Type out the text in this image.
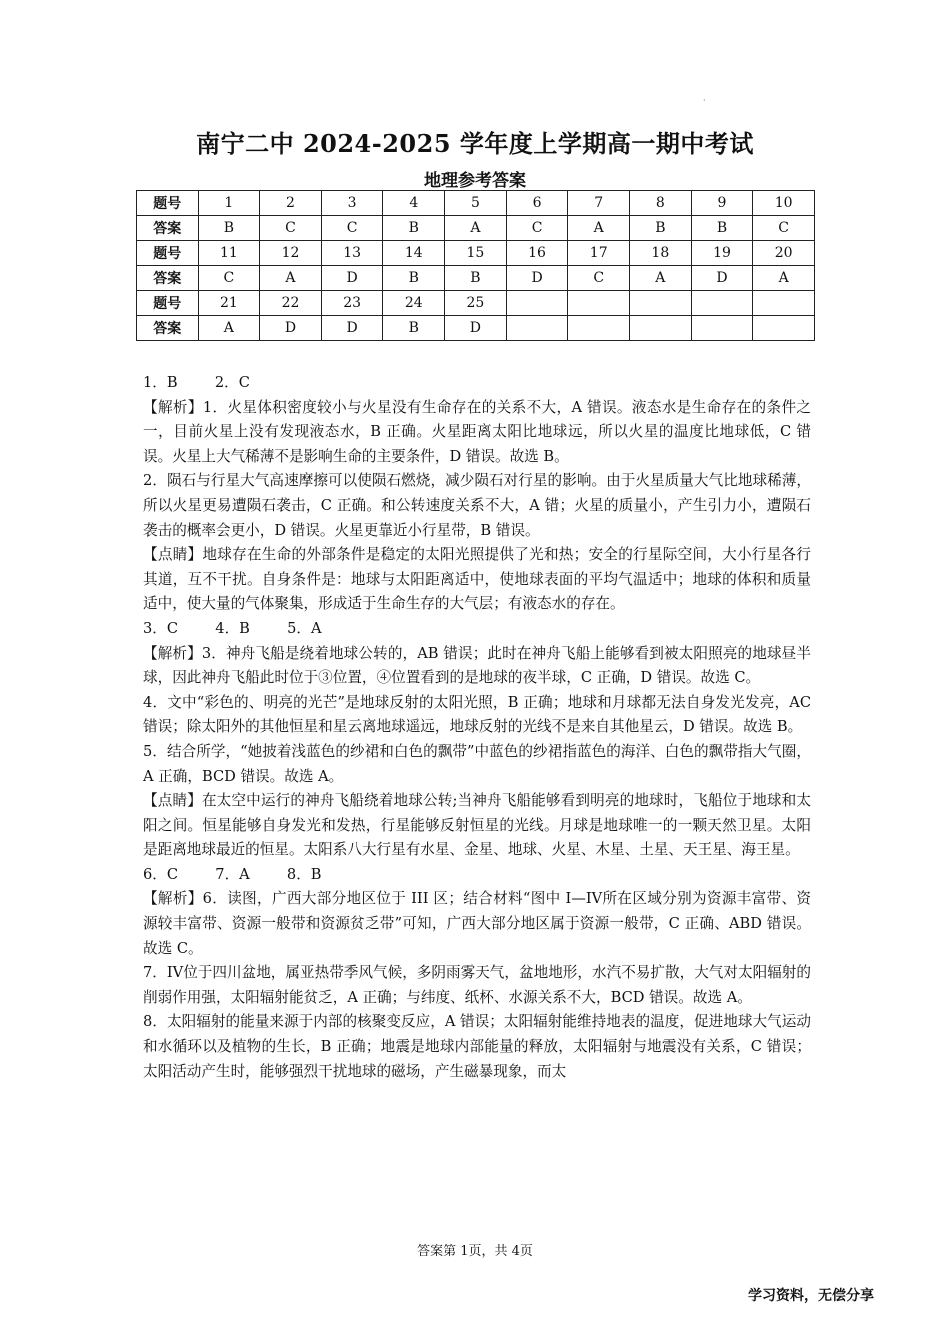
·
南宁二中 2024-2025 学年度上学期高一期中考试
地理参考答案
题号	1	2	3	4	5	6	7	8	9	10
答案	B	C	C	B	A	C	A	B	B	C
题号	11	12	13	14	15	16	17	18	19	20
答案	C	A	D	B	B	D	C	A	D	A
题号	21	22	23	24	25					
答案	A	D	D	B	D					

1．B　 2．C

【解析】1．火星体积密度较小与火星没有生命存在的关系不大，A 错误。液态水是生命存在的条件之一，目前火星上没有发现液态水，B 正确。火星距离太阳比地球远，所以火星的温度比地球低，C 错误。火星上大气稀薄不是影响生命的主要条件，D 错误。故选 B。

2．陨石与行星大气高速摩擦可以使陨石燃烧，减少陨石对行星的影响。由于火星质量大气比地球稀薄，所以火星更易遭陨石袭击，C 正确。和公转速度关系不大，A 错；火星的质量小，产生引力小，遭陨石袭击的概率会更小，D 错误。火星更靠近小行星带，B 错误。

【点睛】地球存在生命的外部条件是稳定的太阳光照提供了光和热；安全的行星际空间，大小行星各行其道，互不干扰。自身条件是：地球与太阳距离适中，使地球表面的平均气温适中；地球的体积和质量适中，使大量的气体聚集，形成适于生命生存的大气层；有液态水的存在。

3．C　 4．B　 5．A

【解析】3．神舟飞船是绕着地球公转的，AB 错误；此时在神舟飞船上能够看到被太阳照亮的地球昼半球，因此神舟飞船此时位于③位置，④位置看到的是地球的夜半球，C 正确，D 错误。故选 C。

4．文中“彩色的、明亮的光芒”是地球反射的太阳光照，B 正确；地球和月球都无法自身发光发亮，AC 错误；除太阳外的其他恒星和星云离地球遥远，地球反射的光线不是来自其他星云，D 错误。故选 B。

5．结合所学，“她披着浅蓝色的纱裙和白色的飘带”中蓝色的纱裙指蓝色的海洋、白色的飘带指大气圈，A 正确，BCD 错误。故选 A。

【点睛】在太空中运行的神舟飞船绕着地球公转;当神舟飞船能够看到明亮的地球时，飞船位于地球和太阳之间。恒星能够自身发光和发热，行星能够反射恒星的光线。月球是地球唯一的一颗天然卫星。太阳是距离地球最近的恒星。太阳系八大行星有水星、金星、地球、火星、木星、土星、天王星、海王星。

6．C　 7．A　 8．B

【解析】6．读图，广西大部分地区位于 III 区；结合材料“图中 I—IV所在区域分别为资源丰富带、资源较丰富带、资源一般带和资源贫乏带”可知，广西大部分地区属于资源一般带，C 正确、ABD 错误。故选 C。

7．IV位于四川盆地，属亚热带季风气候，多阴雨雾天气，盆地地形，水汽不易扩散，大气对太阳辐射的削弱作用强，太阳辐射能贫乏，A 正确；与纬度、纸杯、水源关系不大，BCD 错误。故选 A。

8．太阳辐射的能量来源于内部的核聚变反应，A 错误；太阳辐射能维持地表的温度，促进地球大气运动和水循环以及植物的生长，B 正确；地震是地球内部能量的释放，太阳辐射与地震没有关系，C 错误；太阳活动产生时，能够强烈干扰地球的磁场，产生磁暴现象，而太

答案第 1页，共 4页
学习资料，无偿分享
